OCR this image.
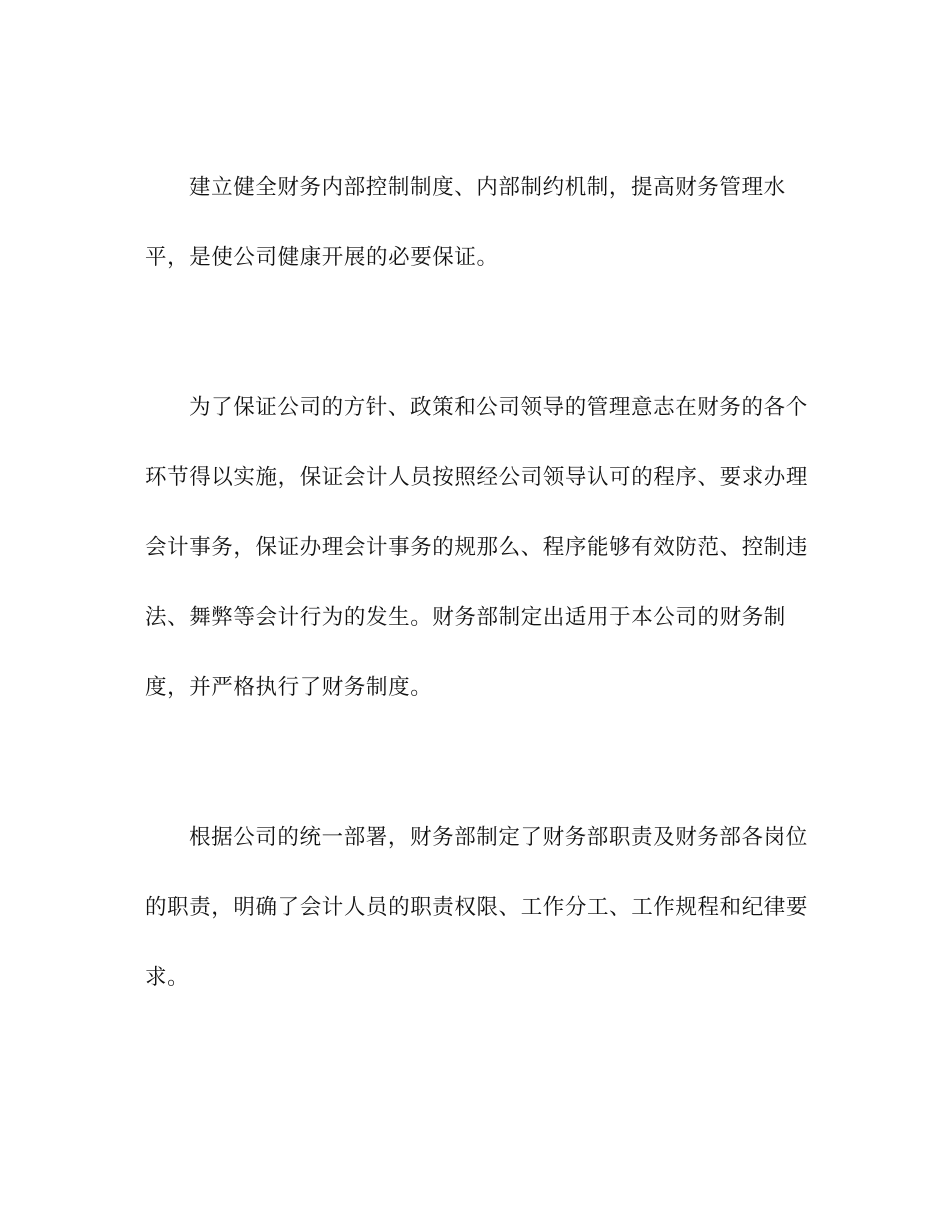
建立健全财务内部控制制度、内部制约机制，提高财务管理水
平，是使公司健康开展的必要保证。
为了保证公司的方针、政策和公司领导的管理意志在财务的各个
环节得以实施，保证会计人员按照经公司领导认可的程序、要求办理
会计事务，保证办理会计事务的规那么、程序能够有效防范、控制违
法、舞弊等会计行为的发生。财务部制定出适用于本公司的财务制
度，并严格执行了财务制度。
根据公司的统一部署，财务部制定了财务部职责及财务部各岗位
的职责，明确了会计人员的职责权限、工作分工、工作规程和纪律要
求。
